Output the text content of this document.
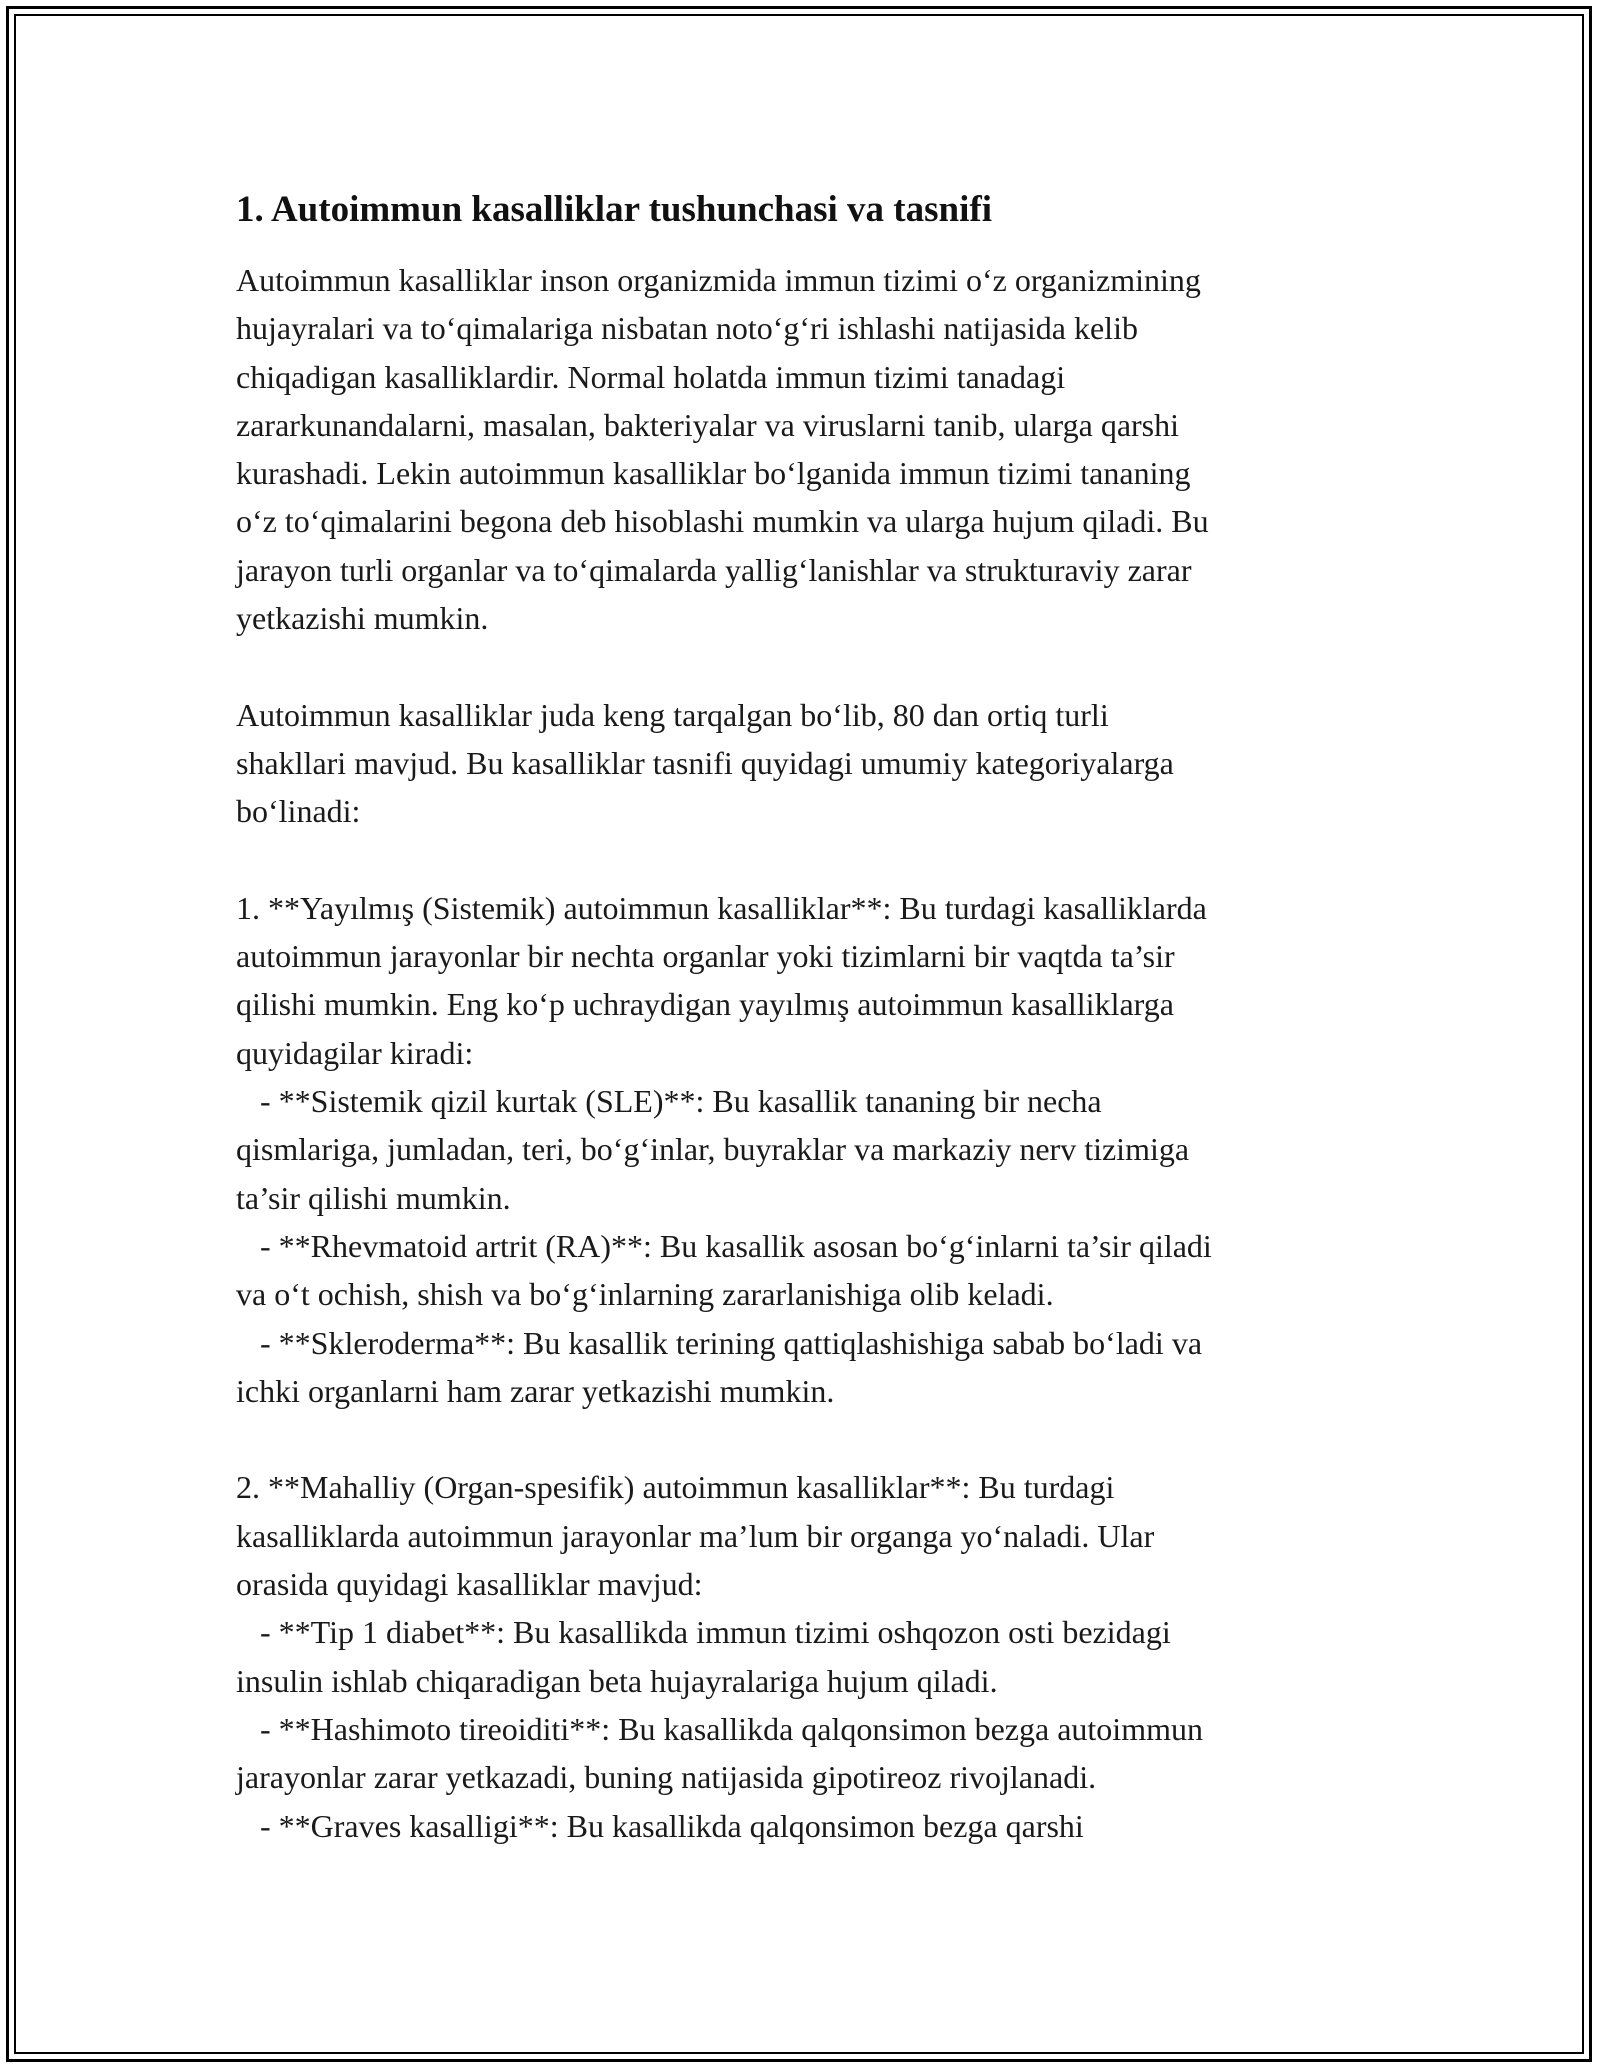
1. Autoimmun kasalliklar tushunchasi va tasnifi
Autoimmun kasalliklar inson organizmida immun tizimi o‘z organizmining
hujayralari va to‘qimalariga nisbatan noto‘g‘ri ishlashi natijasida kelib
chiqadigan kasalliklardir. Normal holatda immun tizimi tanadagi
zararkunandalarni, masalan, bakteriyalar va viruslarni tanib, ularga qarshi
kurashadi. Lekin autoimmun kasalliklar bo‘lganida immun tizimi tananing
o‘z to‘qimalarini begona deb hisoblashi mumkin va ularga hujum qiladi. Bu
jarayon turli organlar va to‘qimalarda yallig‘lanishlar va strukturaviy zarar
yetkazishi mumkin.
Autoimmun kasalliklar juda keng tarqalgan bo‘lib, 80 dan ortiq turli
shakllari mavjud. Bu kasalliklar tasnifi quyidagi umumiy kategoriyalarga
bo‘linadi:
1. **Yayılmış (Sistemik) autoimmun kasalliklar**: Bu turdagi kasalliklarda
autoimmun jarayonlar bir nechta organlar yoki tizimlarni bir vaqtda ta’sir
qilishi mumkin. Eng ko‘p uchraydigan yayılmış autoimmun kasalliklarga
quyidagilar kiradi:
- **Sistemik qizil kurtak (SLE)**: Bu kasallik tananing bir necha
qismlariga, jumladan, teri, bo‘g‘inlar, buyraklar va markaziy nerv tizimiga
ta’sir qilishi mumkin.
- **Rhevmatoid artrit (RA)**: Bu kasallik asosan bo‘g‘inlarni ta’sir qiladi
va o‘t ochish, shish va bo‘g‘inlarning zararlanishiga olib keladi.
- **Skleroderma**: Bu kasallik terining qattiqlashishiga sabab bo‘ladi va
ichki organlarni ham zarar yetkazishi mumkin.
2. **Mahalliy (Organ-spesifik) autoimmun kasalliklar**: Bu turdagi
kasalliklarda autoimmun jarayonlar ma’lum bir organga yo‘naladi. Ular
orasida quyidagi kasalliklar mavjud:
- **Tip 1 diabet**: Bu kasallikda immun tizimi oshqozon osti bezidagi
insulin ishlab chiqaradigan beta hujayralariga hujum qiladi.
- **Hashimoto tireoiditi**: Bu kasallikda qalqonsimon bezga autoimmun
jarayonlar zarar yetkazadi, buning natijasida gipotireoz rivojlanadi.
- **Graves kasalligi**: Bu kasallikda qalqonsimon bezga qarshi
